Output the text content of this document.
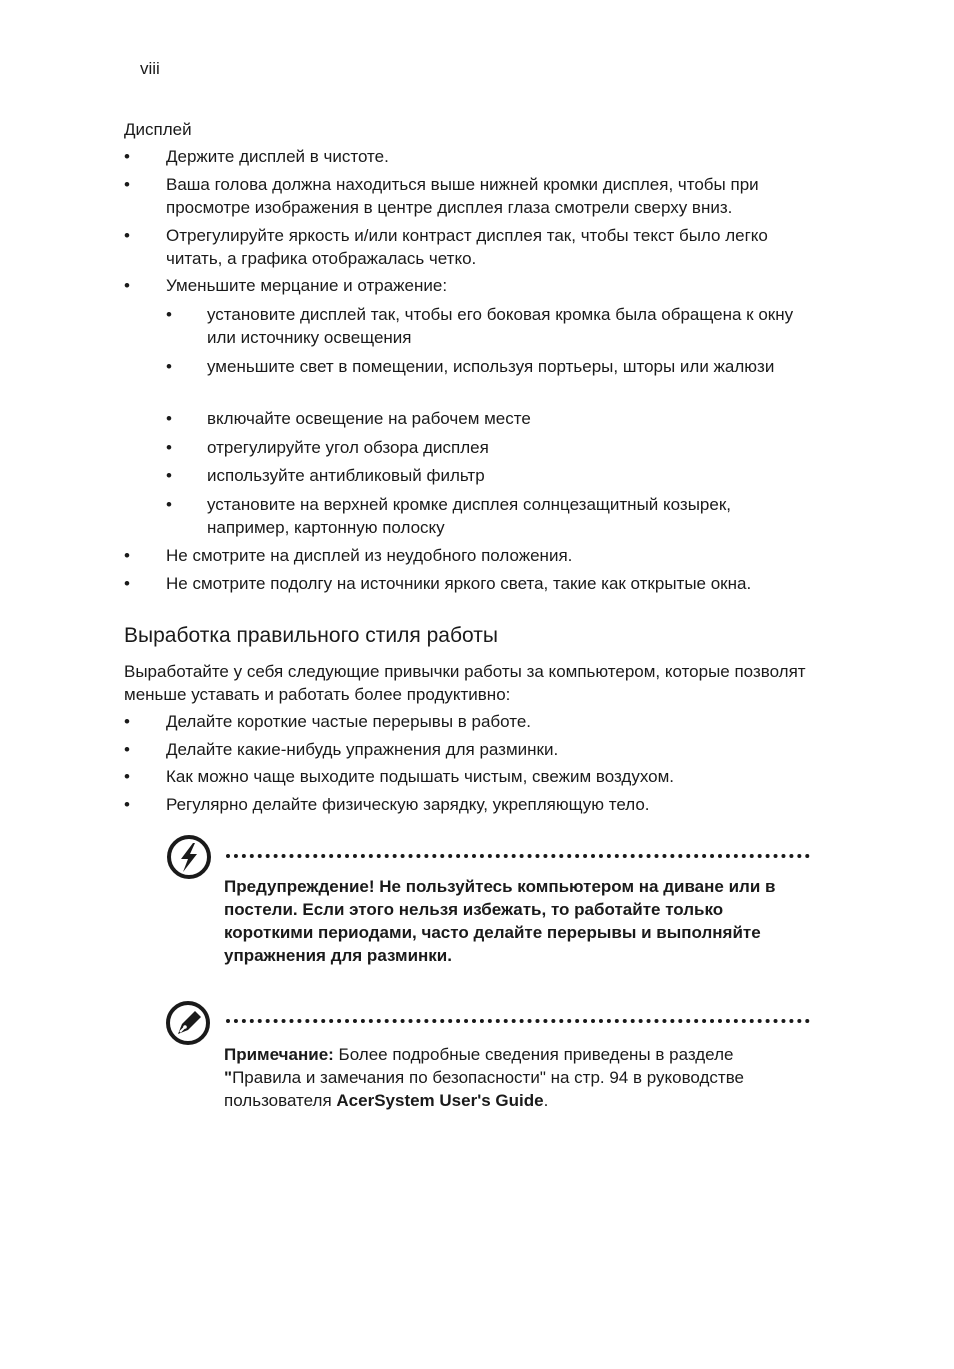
viii
Дисплей
• Держите дисплей в чистоте.
• Ваша голова должна находиться выше нижней кромки дисплея, чтобы при просмотре изображения в центре дисплея глаза смотрели сверху вниз.
• Отрегулируйте яркость и/или контраст дисплея так, чтобы текст было легко читать, а графика отображалась четко.
• Уменьшите мерцание и отражение:
• установите дисплей так, чтобы его боковая кромка была обращена к окну или источнику освещения
• уменьшите свет в помещении, используя портьеры, шторы или жалюзи
• включайте освещение на рабочем месте
• отрегулируйте угол обзора дисплея
• используйте антибликовый фильтр
• установите на верхней кромке дисплея солнцезащитный козырек, например, картонную полоску
• Не смотрите на дисплей из неудобного положения.
• Не смотрите подолгу на источники яркого света, такие как открытые окна.
Выработка правильного стиля работы
Выработайте у себя следующие привычки работы за компьютером, которые позволят меньше уставать и работать более продуктивно:
• Делайте короткие частые перерывы в работе.
• Делайте какие-нибудь упражнения для разминки.
• Как можно чаще выходите подышать чистым, свежим воздухом.
• Регулярно делайте физическую зарядку, укрепляющую тело.
Предупреждение! Не пользуйтесь компьютером на диване или в постели. Если этого нельзя избежать, то работайте только короткими периодами, часто делайте перерывы и выполняйте упражнения для разминки.
Примечание: Более подробные сведения приведены в разделе "Правила и замечания по безопасности" на стр. 94 в руководстве пользователя AcerSystem User's Guide.
